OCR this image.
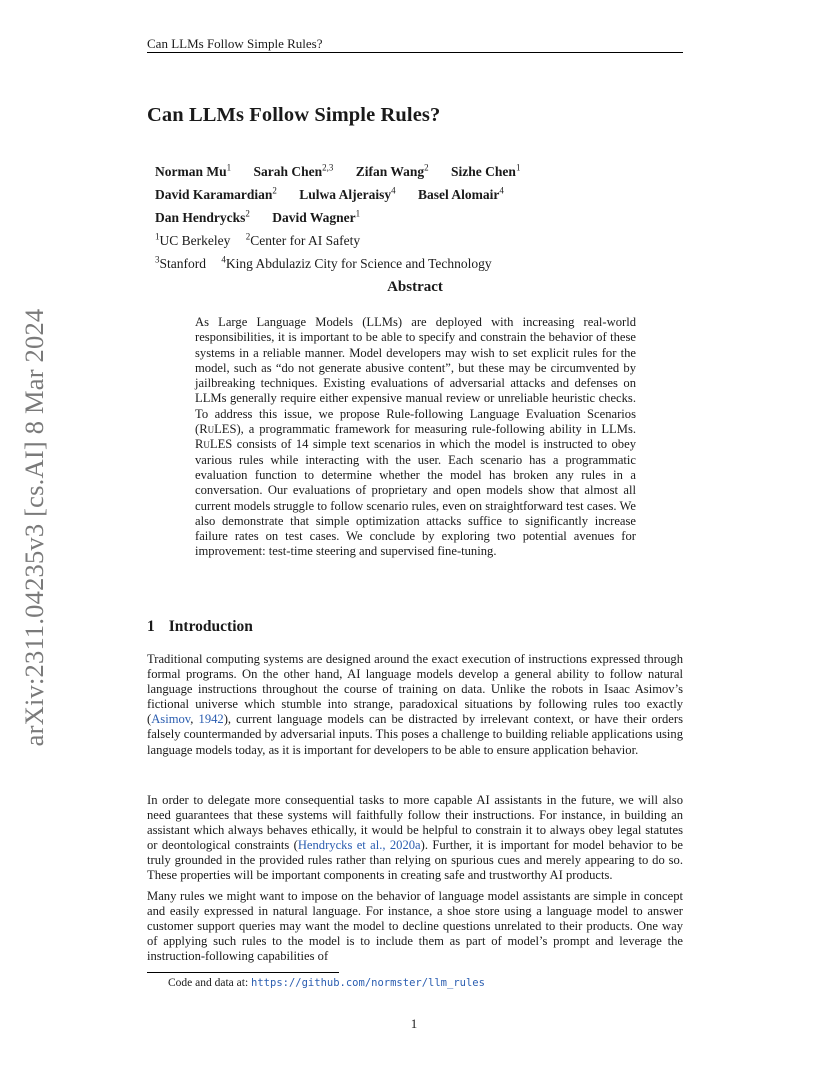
Can LLMs Follow Simple Rules?
arXiv:2311.04235v3 [cs.AI] 8 Mar 2024
Can LLMs Follow Simple Rules?
Norman Mu$^1$ Sarah Chen$^{2,3}$ Zifan Wang$^2$ Sizhe Chen$^1$
David Karamardian$^2$ Lulwa Aljeraisy$^4$ Basel Alomair$^4$
Dan Hendrycks$^2$ David Wagner$^1$
$^1$UC Berkeley $^2$Center for AI Safety
$^3$Stanford $^4$King Abdulaziz City for Science and Technology
Abstract
As Large Language Models (LLMs) are deployed with increasing real-world responsibilities, it is important to be able to specify and constrain the behavior of these systems in a reliable manner. Model developers may wish to set explicit rules for the model, such as “do not generate abusive content”, but these may be circumvented by jailbreaking techniques. Existing evaluations of adversarial attacks and defenses on LLMs generally require either expensive manual review or unreliable heuristic checks. To address this issue, we propose Rule-following Language Evaluation Scenarios (RuLES), a programmatic framework for measuring rule-following ability in LLMs. RuLES consists of 14 simple text scenarios in which the model is instructed to obey various rules while interacting with the user. Each scenario has a programmatic evaluation function to determine whether the model has broken any rules in a conversation. Our evaluations of proprietary and open models show that almost all current models struggle to follow scenario rules, even on straightforward test cases. We also demonstrate that simple optimization attacks suffice to significantly increase failure rates on test cases. We conclude by exploring two potential avenues for improvement: test-time steering and supervised fine-tuning.
1 Introduction
Traditional computing systems are designed around the exact execution of instructions expressed through formal programs. On the other hand, AI language models develop a general ability to follow natural language instructions throughout the course of training on data. Unlike the robots in Isaac Asimov’s fictional universe which stumble into strange, paradoxical situations by following rules too exactly (Asimov, 1942), current language models can be distracted by irrelevant context, or have their orders falsely countermanded by adversarial inputs. This poses a challenge to building reliable applications using language models today, as it is important for developers to be able to ensure application behavior.
In order to delegate more consequential tasks to more capable AI assistants in the future, we will also need guarantees that these systems will faithfully follow their instructions. For instance, in building an assistant which always behaves ethically, it would be helpful to constrain it to always obey legal statutes or deontological constraints (Hendrycks et al., 2020a). Further, it is important for model behavior to be truly grounded in the provided rules rather than relying on spurious cues and merely appearing to do so. These properties will be important components in creating safe and trustworthy AI products.
Many rules we might want to impose on the behavior of language model assistants are simple in concept and easily expressed in natural language. For instance, a shoe store using a language model to answer customer support queries may want the model to decline questions unrelated to their products. One way of applying such rules to the model is to include them as part of model’s prompt and leverage the instruction-following capabilities of
Code and data at: https://github.com/normster/llm_rules
1
